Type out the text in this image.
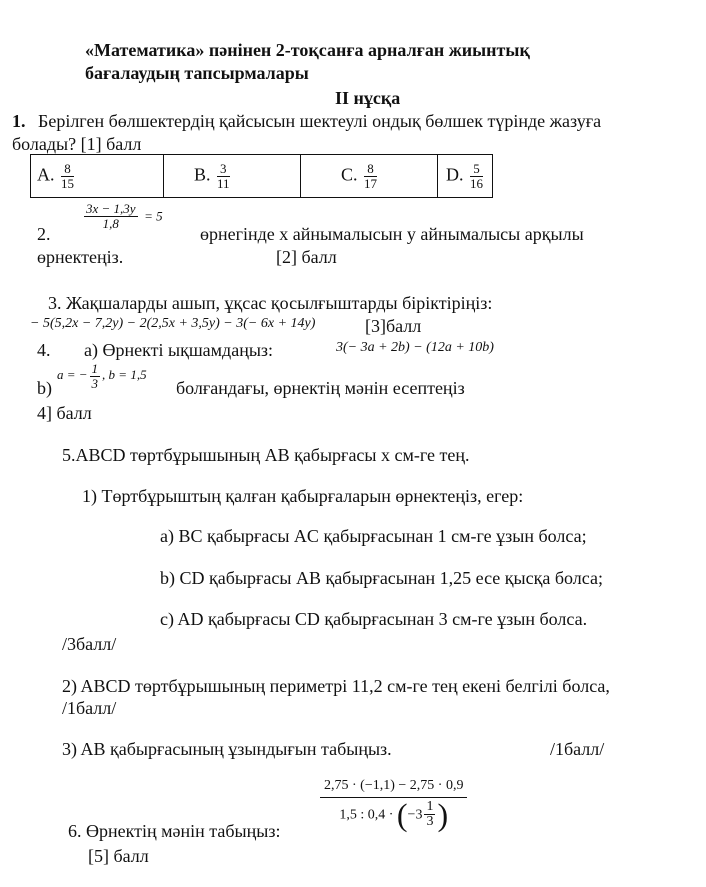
«Математика» пәнінен 2-тоқсанға арналған жиынтық
бағалаудың тапсырмалары
ІІ нұсқа
1. Берілген бөлшектердің қайсысын шектеулі ондық бөлшек түрінде жазуға
болады? [1] балл
A. $\frac{8}{15}$	B. $\frac{3}{11}$	C. $\frac{8}{17}$	D. $\frac{5}{16}$
$\frac{3x - 1,3y}{1,8} = 5$
2.	өрнегінде x айнымалысын y айнымалысы арқылы
өрнектеңіз.	[2] балл
3. Жақшаларды ашып, ұқсас қосылғыштарды біріктіріңіз:
− 5(5,2x − 7,2y) − 2(2,5x + 3,5y) − 3(− 6x + 14y)	[3]балл
4. а) Өрнекті ықшамдаңыз:	3(− 3a + 2b) − (12a + 10b)
b)
a = − $\frac{1}{3}$ , b = 1,5
болғандағы, өрнектің мәнін есептеңіз
4] балл
5.ABCD төртбұрышының AB қабырғасы x см-ге тең.
1) Төртбұрыштың қалған қабырғаларын өрнектеңіз, егер:
а) BC қабырғасы AC қабырғасынан 1 см-ге ұзын болса;
b) CD қабырғасы AB қабырғасынан 1,25 есе қысқа болса;
c) AD қабырғасы CD қабырғасынан 3 см-ге ұзын болса.
/3балл/
2) ABCD төртбұрышының периметрі 11,2 см-ге тең екені белгілі болса,
/1балл/
3) AB қабырғасының ұзындығын табыңыз.	/1балл/
$\frac{2,75 \cdot (-1,1) - 2,75 \cdot 0,9}{1,5 : 0,4 \cdot (-3 \frac{1}{3} )}$
6. Өрнектің мәнін табыңыз:
[5] балл
